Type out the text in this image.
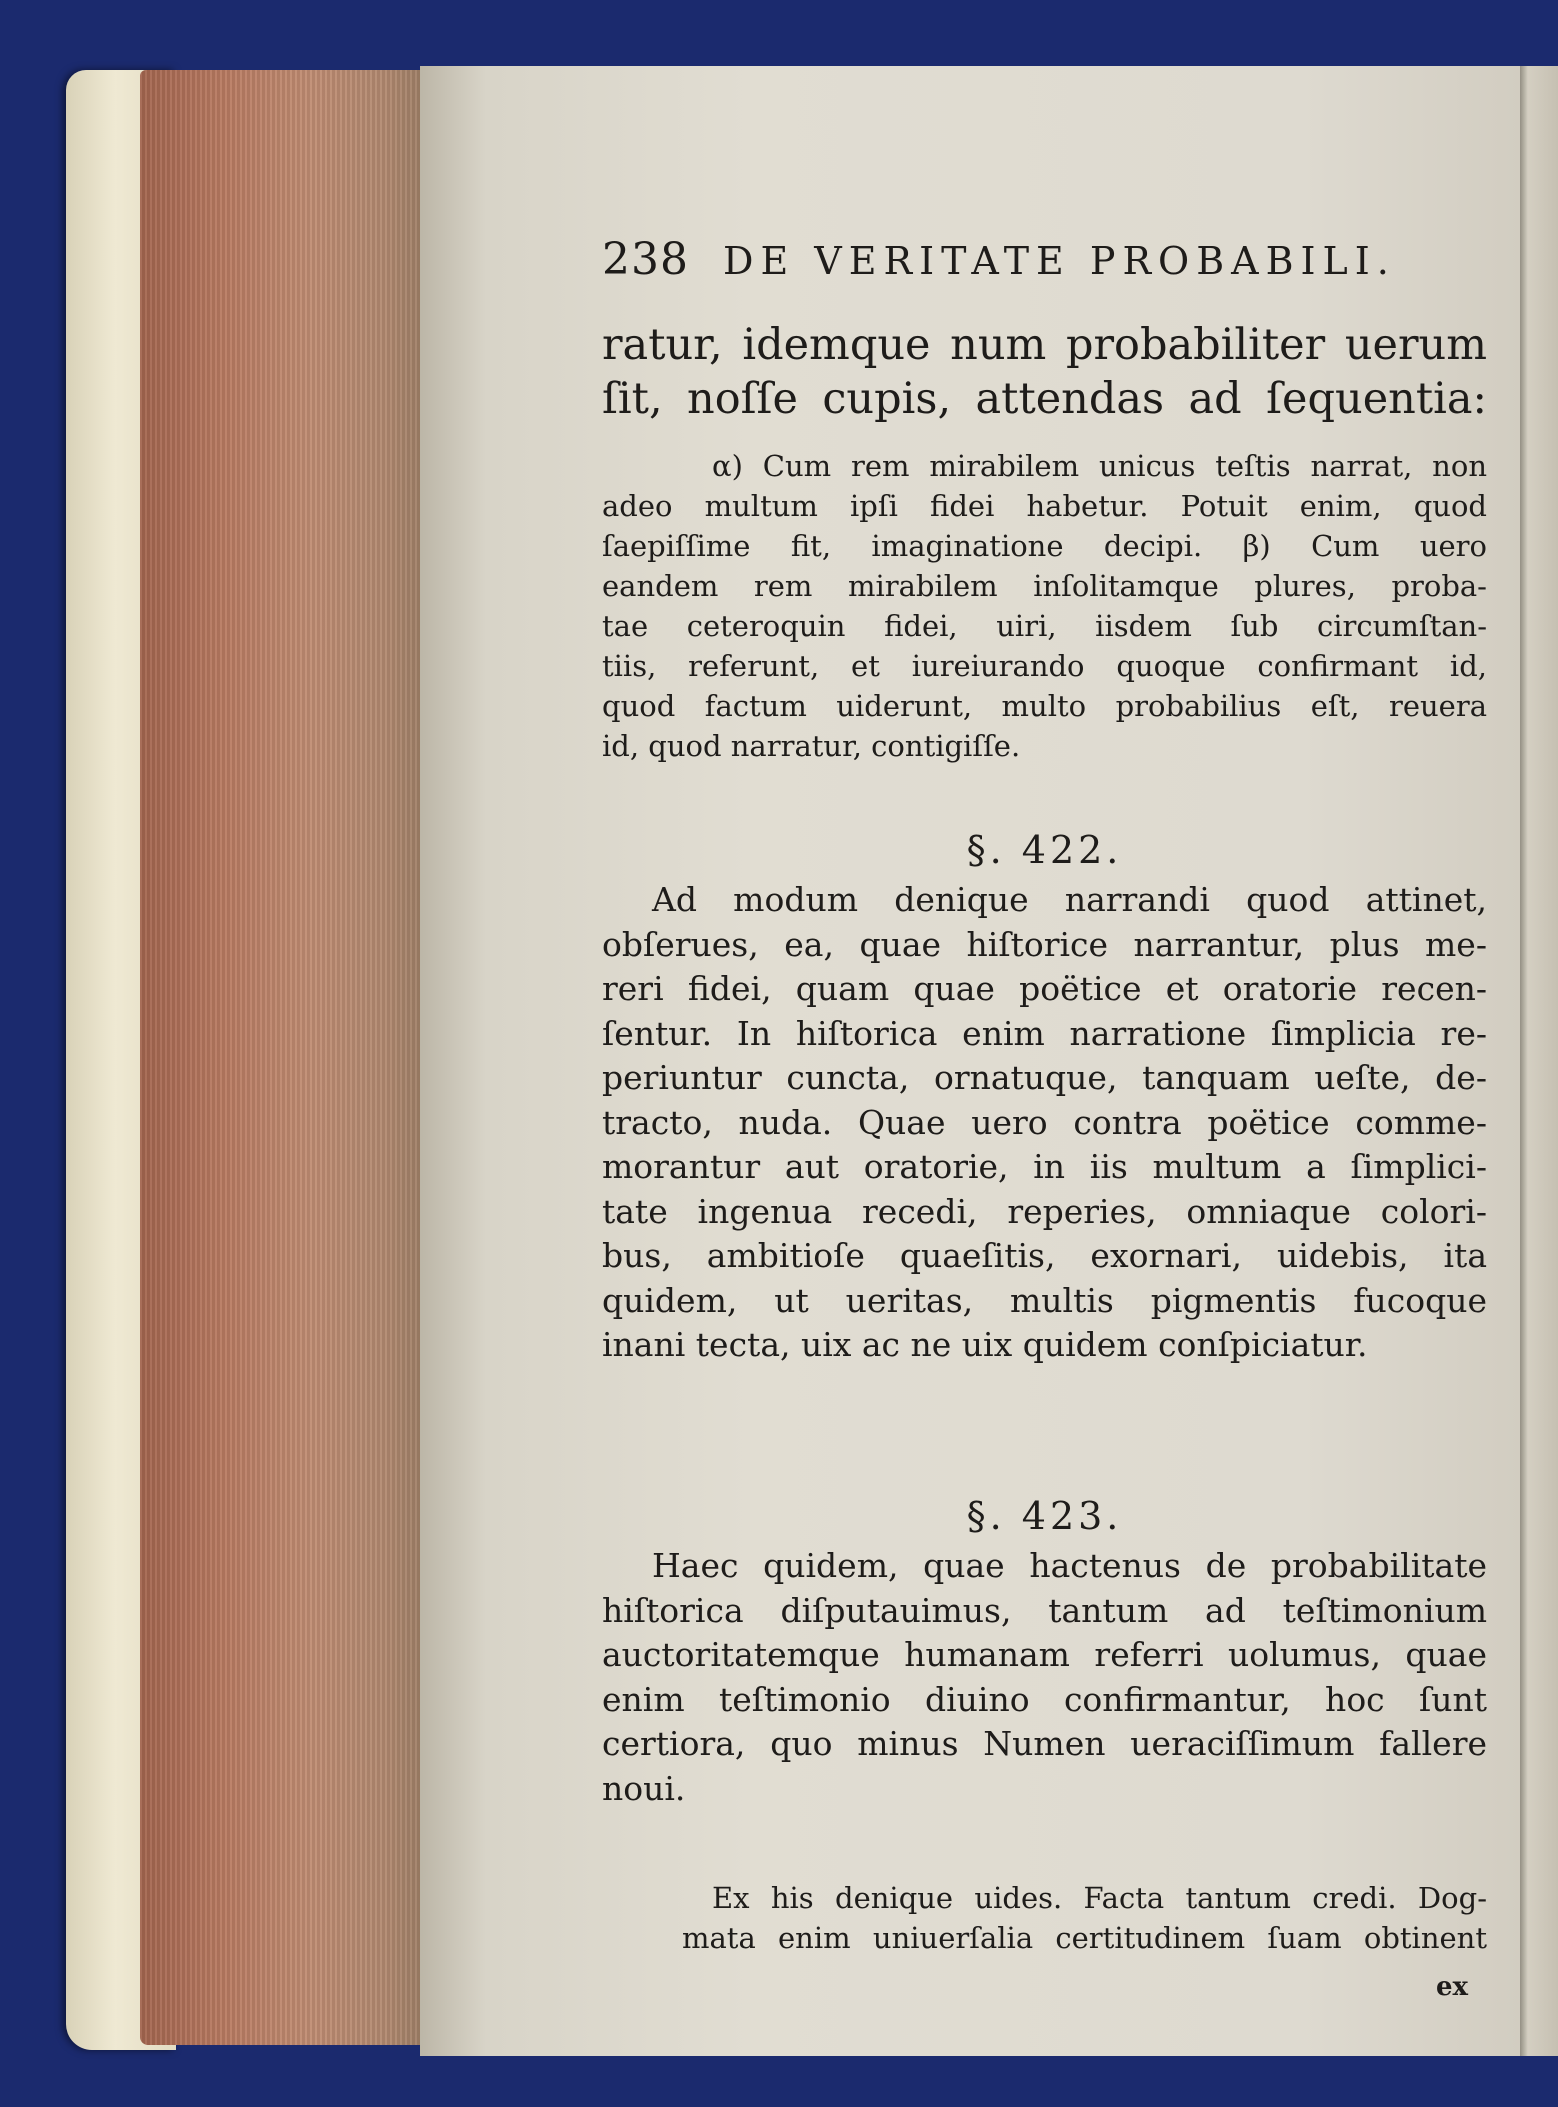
238 DE VERITATE PROBABILI.
ratur, idemque num probabiliter uerum
ſit, noſſe cupis, attendas ad ſequentia:
α) Cum rem mirabilem unicus teſtis narrat, non
adeo multum ipſi fidei habetur. Potuit enim, quod
ſaepiſſime fit, imaginatione decipi. β) Cum uero
eandem rem mirabilem inſolitamque plures, proba-
tae ceteroquin fidei, uiri, iisdem ſub circumſtan-
tiis, referunt, et iureiurando quoque confirmant id,
quod factum uiderunt, multo probabilius eſt, reuera
id, quod narratur, contigiſſe.
§. 422.
Ad modum denique narrandi quod attinet,
obſerues, ea, quae hiſtorice narrantur, plus me-
reri fidei, quam quae poëtice et oratorie recen-
ſentur. In hiſtorica enim narratione ſimplicia re-
periuntur cuncta, ornatuque, tanquam ueſte, de-
tracto, nuda. Quae uero contra poëtice comme-
morantur aut oratorie, in iis multum a ſimplici-
tate ingenua recedi, reperies, omniaque colori-
bus, ambitioſe quaeſitis, exornari, uidebis, ita
quidem, ut ueritas, multis pigmentis fucoque
inani tecta, uix ac ne uix quidem conſpiciatur.
§. 423.
Haec quidem, quae hactenus de probabilitate
hiſtorica diſputauimus, tantum ad teſtimonium
auctoritatemque humanam referri uolumus, quae
enim teſtimonio diuino confirmantur, hoc ſunt
certiora, quo minus Numen ueraciſſimum fallere
noui.
Ex his denique uides. Facta tantum credi. Dog-
mata enim uniuerſalia certitudinem ſuam obtinent
ex
